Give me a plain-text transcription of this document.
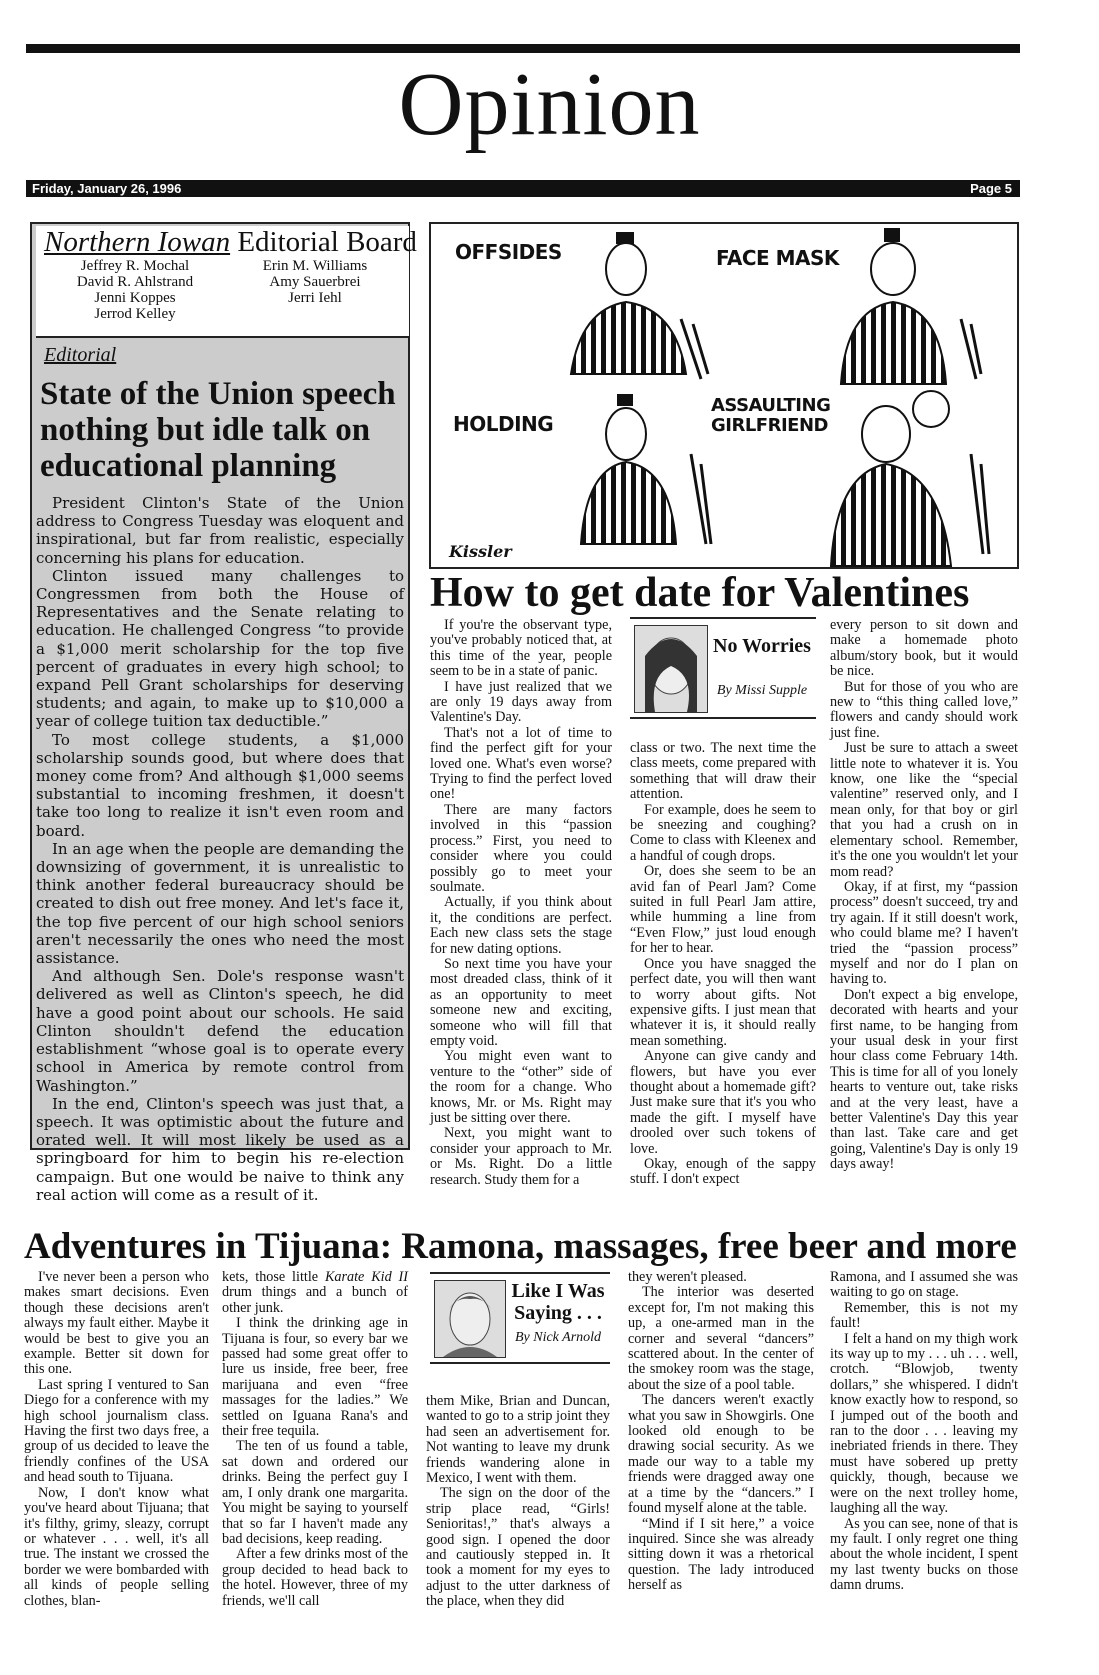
Opinion
Friday, January 26, 1996	Page 5
Northern Iowan Editorial Board
Jeffrey R. Mochal
David R. Ahlstrand
Jenni Koppes
Jerrod Kelley
Erin M. Williams
Amy Sauerbrei
Jerri Iehl
Editorial
State of the Union speech nothing but idle talk on educational planning

President Clinton's State of the Union address to Congress Tuesday was eloquent and inspirational, but far from realistic, especially concerning his plans for education.

Clinton issued many challenges to Congressmen from both the House of Representatives and the Senate relating to education. He challenged Congress “to provide a $1,000 merit scholarship for the top five percent of graduates in every high school; to expand Pell Grant scholarships for deserving students; and again, to make up to $10,000 a year of college tuition tax deductible.”

To most college students, a $1,000 scholarship sounds good, but where does that money come from? And although $1,000 seems substantial to incoming freshmen, it doesn't take too long to realize it isn't even room and board.

In an age when the people are demanding the downsizing of government, it is unrealistic to think another federal bureaucracy should be created to dish out free money. And let's face it, the top five percent of our high school seniors aren't necessarily the ones who need the most assistance.

And although Sen. Dole's response wasn't delivered as well as Clinton's speech, he did have a good point about our schools. He said Clinton shouldn't defend the education establishment “whose goal is to operate every school in America by remote control from Washington.”

In the end, Clinton's speech was just that, a speech. It was optimistic about the future and orated well. It will most likely be used as a springboard for him to begin his re-election campaign. But one would be naive to think any real action will come as a result of it.

OFFSIDES	FACE MASK
HOLDING
ASSAULTING GIRLFRIEND
Kissler
How to get date for Valentines

If you're the observant type, you've probably noticed that, at this time of the year, people seem to be in a state of panic.

I have just realized that we are only 19 days away from Valentine's Day.

That's not a lot of time to find the perfect gift for your loved one. What's even worse? Trying to find the perfect loved one!

There are many factors involved in this “passion process.” First, you need to consider where you could possibly go to meet your soulmate.

Actually, if you think about it, the conditions are perfect. Each new class sets the stage for new dating options.

So next time you have your most dreaded class, think of it as an opportunity to meet someone new and exciting, someone who will fill that empty void.

You might even want to venture to the “other” side of the room for a change. Who knows, Mr. or Ms. Right may just be sitting over there.

Next, you might want to consider your approach to Mr. or Ms. Right. Do a little research. Study them for a

No Worries
By Missi Supple

class or two. The next time the class meets, come prepared with something that will draw their attention.

For example, does he seem to be sneezing and coughing? Come to class with Kleenex and a handful of cough drops.

Or, does she seem to be an avid fan of Pearl Jam? Come suited in full Pearl Jam attire, while humming a line from “Even Flow,” just loud enough for her to hear.

Once you have snagged the perfect date, you will then want to worry about gifts. Not expensive gifts. I just mean that whatever it is, it should really mean something.

Anyone can give candy and flowers, but have you ever thought about a homemade gift? Just make sure that it's you who made the gift. I myself have drooled over such tokens of love.

Okay, enough of the sappy stuff. I don't expect

every person to sit down and make a homemade photo album/story book, but it would be nice.

But for those of you who are new to “this thing called love,” flowers and candy should work just fine.

Just be sure to attach a sweet little note to whatever it is. You know, one like the “special valentine” reserved only, and I mean only, for that boy or girl that you had a crush on in elementary school. Remember, it's the one you wouldn't let your mom read?

Okay, if at first, my “passion process” doesn't succeed, try and try again. If it still doesn't work, who could blame me? I haven't tried the “passion process” myself and nor do I plan on having to.

Don't expect a big envelope, decorated with hearts and your first name, to be hanging from your usual desk in your first hour class come February 14th. This is time for all of you lonely hearts to venture out, take risks and at the very least, have a better Valentine's Day this year than last. Take care and get going, Valentine's Day is only 19 days away!

Adventures in Tijuana: Ramona, massages, free beer and more

I've never been a person who makes smart decisions. Even though these decisions aren't always my fault either. Maybe it would be best to give you an example. Better sit down for this one.

Last spring I ventured to San Diego for a conference with my high school journalism class. Having the first two days free, a group of us decided to leave the friendly confines of the USA and head south to Tijuana.

Now, I don't know what you've heard about Tijuana; that it's filthy, grimy, sleazy, corrupt or whatever . . . well, it's all true. The instant we crossed the border we were bombarded with all kinds of people selling clothes, blan-

kets, those little Karate Kid II drum things and a bunch of other junk.

I think the drinking age in Tijuana is four, so every bar we passed had some great offer to lure us inside, free beer, free marijuana and even “free massages for the ladies.” We settled on Iguana Rana's and their free tequila.

The ten of us found a table, sat down and ordered our drinks. Being the perfect guy I am, I only drank one margarita. You might be saying to yourself that so far I haven't made any bad decisions, keep reading.

After a few drinks most of the group decided to head back to the hotel. However, three of my friends, we'll call

Like I Was Saying . . .
By Nick Arnold

them Mike, Brian and Duncan, wanted to go to a strip joint they had seen an advertisement for. Not wanting to leave my drunk friends wandering alone in Mexico, I went with them.

The sign on the door of the strip place read, “Girls! Senioritas!,” that's always a good sign. I opened the door and cautiously stepped in. It took a moment for my eyes to adjust to the utter darkness of the place, when they did

they weren't pleased.

The interior was deserted except for, I'm not making this up, a one-armed man in the corner and several “dancers” scattered about. In the center of the smokey room was the stage, about the size of a pool table.

The dancers weren't exactly what you saw in Showgirls. One looked old enough to be drawing social security. As we made our way to a table my friends were dragged away one at a time by the “dancers.” I found myself alone at the table.

“Mind if I sit here,” a voice inquired. Since she was already sitting down it was a rhetorical question. The lady introduced herself as

Ramona, and I assumed she was waiting to go on stage.

Remember, this is not my fault!

I felt a hand on my thigh work its way up to my . . . uh . . . well, crotch. “Blowjob, twenty dollars,” she whispered. I didn't know exactly how to respond, so I jumped out of the booth and ran to the door . . . leaving my inebriated friends in there. They must have sobered up pretty quickly, though, because we were on the next trolley home, laughing all the way.

As you can see, none of that is my fault. I only regret one thing about the whole incident, I spent my last twenty bucks on those damn drums.
